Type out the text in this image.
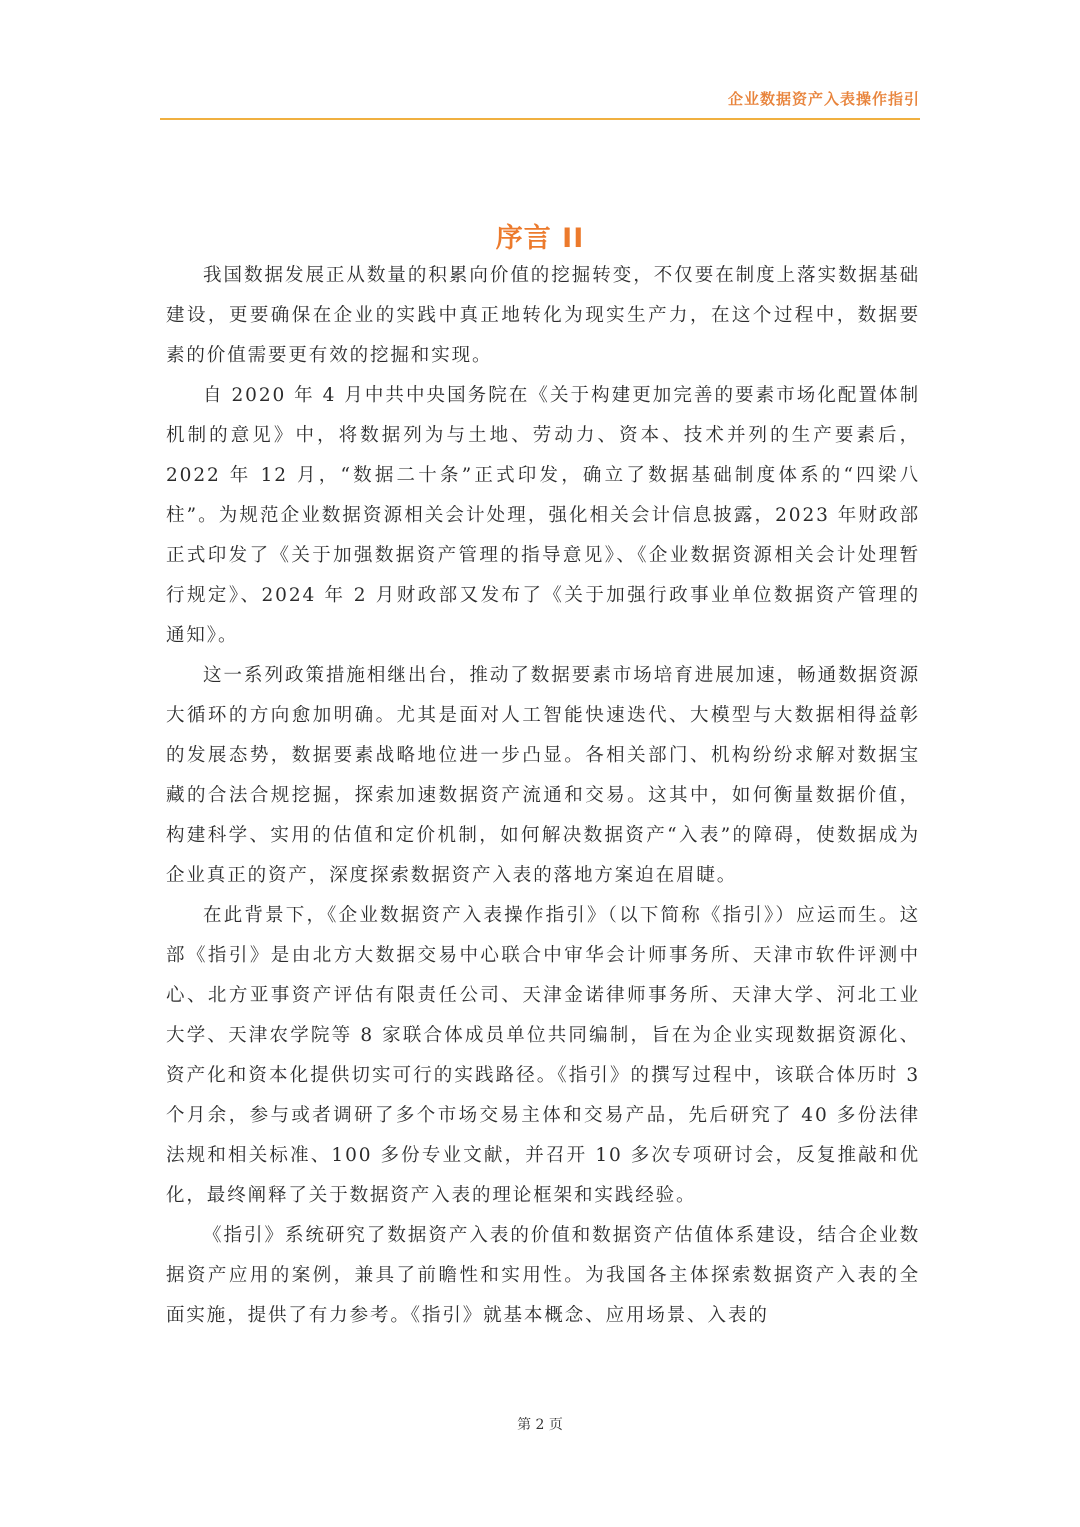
企业数据资产入表操作指引
序言 II

我国数据发展正从数量的积累向价值的挖掘转变，不仅要在制度上落实数据基础建设，更要确保在企业的实践中真正地转化为现实生产力，在这个过程中，数据要素的价值需要更有效的挖掘和实现。

自 2020 年 4 月中共中央国务院在《关于构建更加完善的要素市场化配置体制机制的意见》中，将数据列为与土地、劳动力、资本、技术并列的生产要素后，2022 年 12 月，“数据二十条”正式印发，确立了数据基础制度体系的“四梁八柱”。为规范企业数据资源相关会计处理，强化相关会计信息披露，2023 年财政部正式印发了《关于加强数据资产管理的指导意见》、《企业数据资源相关会计处理暂行规定》、2024 年 2 月财政部又发布了《关于加强行政事业单位数据资产管理的通知》。

这一系列政策措施相继出台，推动了数据要素市场培育进展加速，畅通数据资源大循环的方向愈加明确。尤其是面对人工智能快速迭代、大模型与大数据相得益彰的发展态势，数据要素战略地位进一步凸显。各相关部门、机构纷纷求解对数据宝藏的合法合规挖掘，探索加速数据资产流通和交易。这其中，如何衡量数据价值，构建科学、实用的估值和定价机制，如何解决数据资产“入表”的障碍，使数据成为企业真正的资产，深度探索数据资产入表的落地方案迫在眉睫。

在此背景下，《企业数据资产入表操作指引》（以下简称《指引》）应运而生。这部《指引》是由北方大数据交易中心联合中审华会计师事务所、天津市软件评测中心、北方亚事资产评估有限责任公司、天津金诺律师事务所、天津大学、河北工业大学、天津农学院等 8 家联合体成员单位共同编制，旨在为企业实现数据资源化、资产化和资本化提供切实可行的实践路径。《指引》的撰写过程中，该联合体历时 3 个月余，参与或者调研了多个市场交易主体和交易产品，先后研究了 40 多份法律法规和相关标准、100 多份专业文献，并召开 10 多次专项研讨会，反复推敲和优化，最终阐释了关于数据资产入表的理论框架和实践经验。

《指引》系统研究了数据资产入表的价值和数据资产估值体系建设，结合企业数据资产应用的案例，兼具了前瞻性和实用性。为我国各主体探索数据资产入表的全面实施，提供了有力参考。《指引》就基本概念、应用场景、入表的

第 2 页
